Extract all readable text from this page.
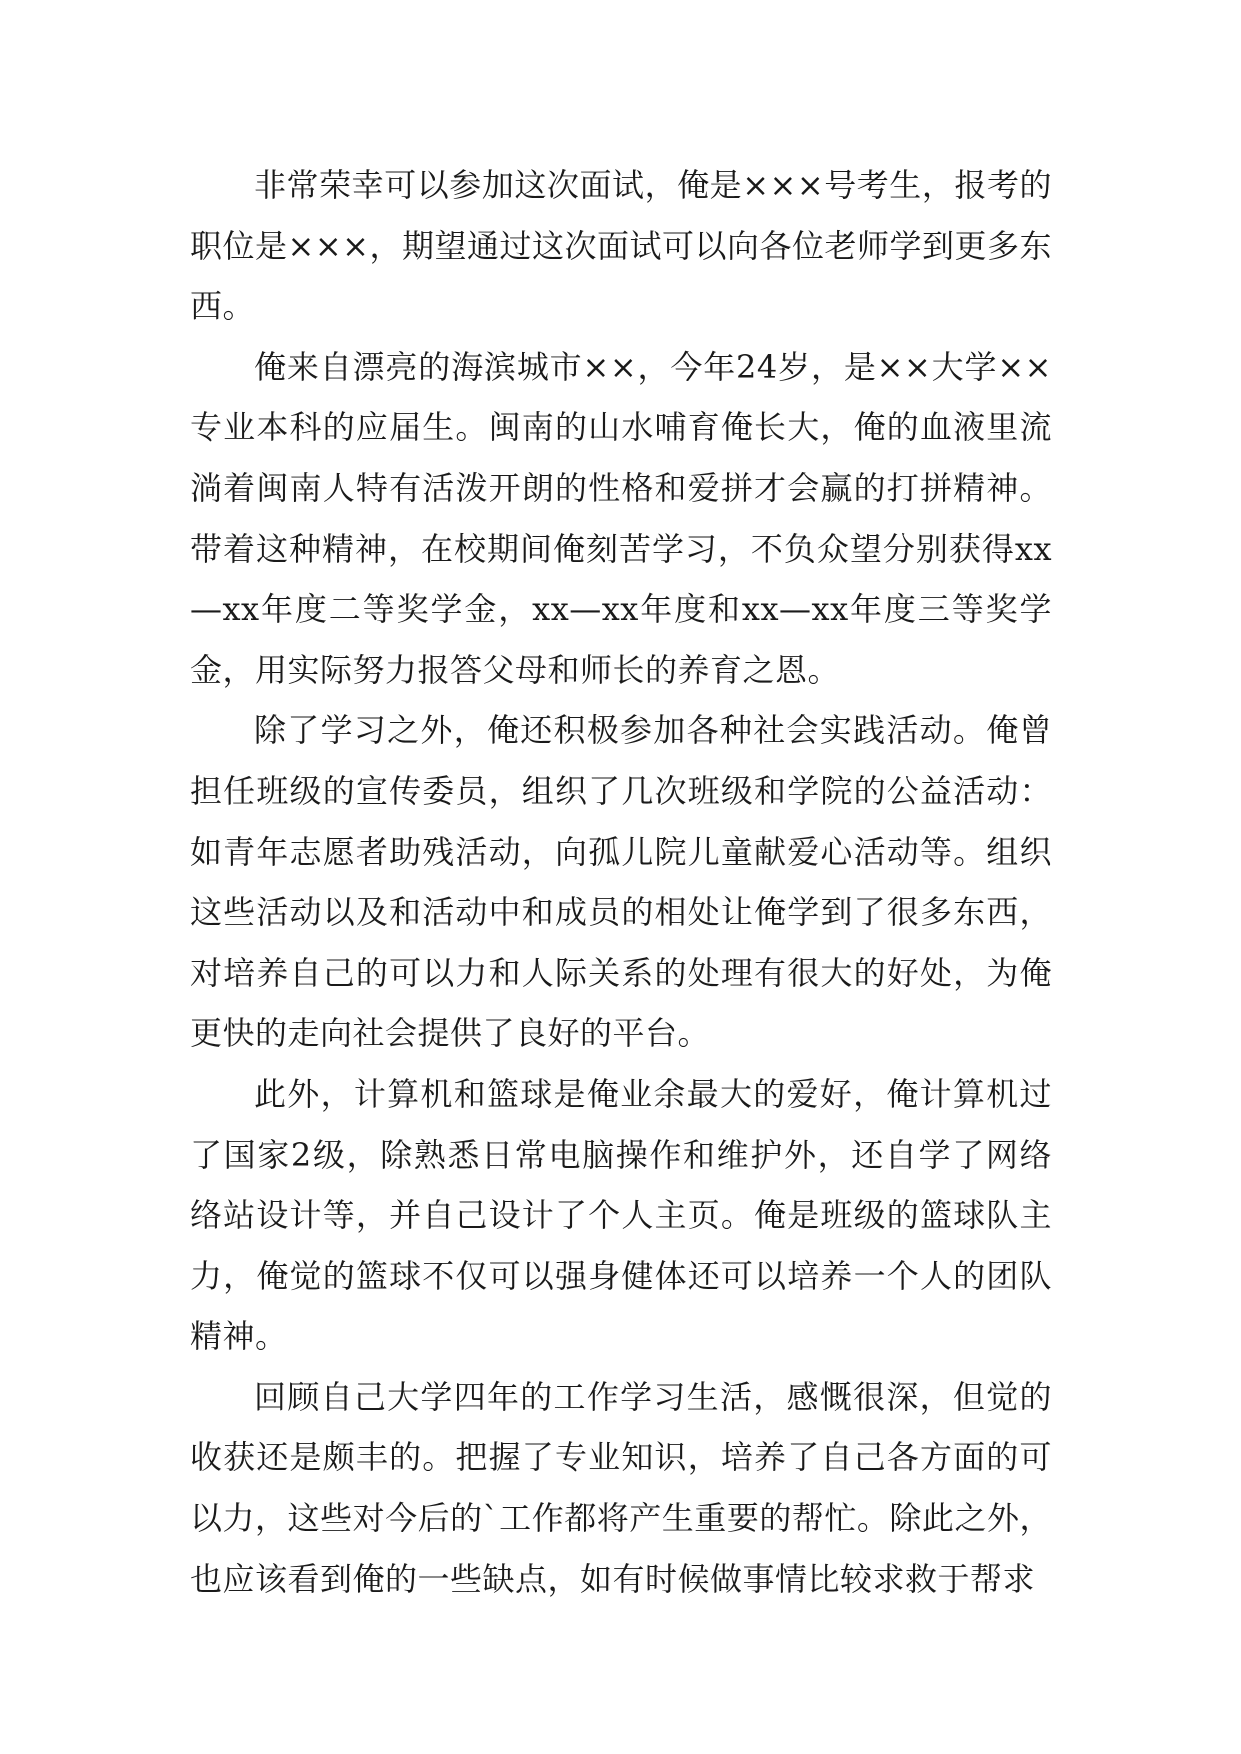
非常荣幸可以参加这次面试，俺是×××号考生，报考的职位是×××，期望通过这次面试可以向各位老师学到更多东西。

俺来自漂亮的海滨城市××，今年24岁，是××大学××专业本科的应届生。闽南的山水哺育俺长大，俺的血液里流淌着闽南人特有活泼开朗的性格和爱拼才会赢的打拼精神。带着这种精神，在校期间俺刻苦学习，不负众望分别获得xx—xx年度二等奖学金，xx—xx年度和xx—xx年度三等奖学金，用实际努力报答父母和师长的养育之恩。

除了学习之外，俺还积极参加各种社会实践活动。俺曾担任班级的宣传委员，组织了几次班级和学院的公益活动：如青年志愿者助残活动，向孤儿院儿童献爱心活动等。组织这些活动以及和活动中和成员的相处让俺学到了很多东西，对培养自己的可以力和人际关系的处理有很大的好处，为俺更快的走向社会提供了良好的平台。

此外，计算机和篮球是俺业余最大的爱好，俺计算机过了国家2级，除熟悉日常电脑操作和维护外，还自学了网络络站设计等，并自己设计了个人主页。俺是班级的篮球队主力，俺觉的篮球不仅可以强身健体还可以培养一个人的团队精神。

回顾自己大学四年的工作学习生活，感慨很深，但觉的收获还是颇丰的。把握了专业知识，培养了自己各方面的可以力，这些对今后的`工作都将产生重要的帮忙。除此之外，也应该看到俺的一些缺点，如有时候做事情比较求救于帮求
